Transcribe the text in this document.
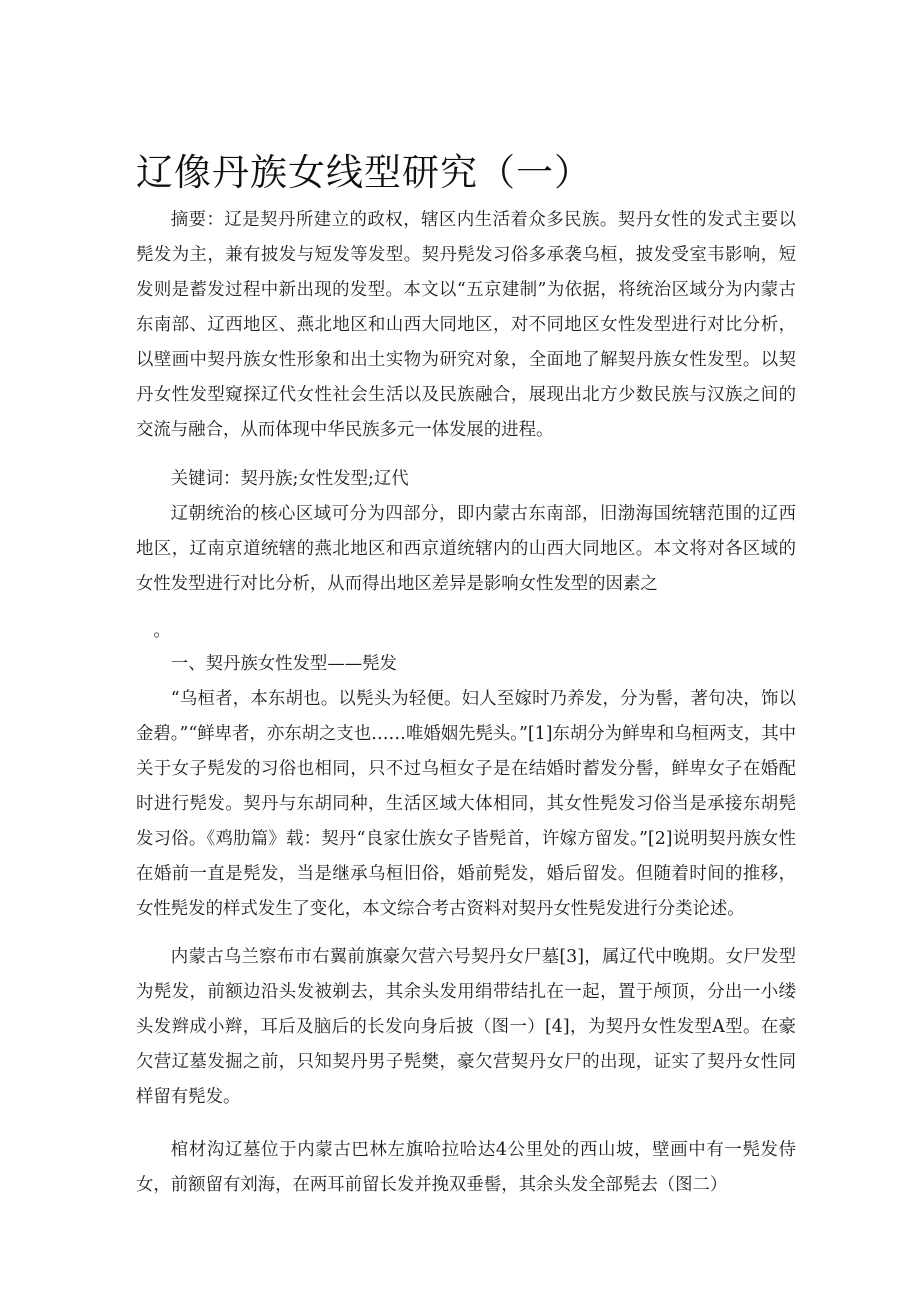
辽像丹族女线型研究（一）

摘要：辽是契丹所建立的政权，辖区内生活着众多民族。契丹女性的发式主要以髡发为主，兼有披发与短发等发型。契丹髡发习俗多承袭乌桓，披发受室韦影响，短发则是蓄发过程中新出现的发型。本文以“五京建制”为依据，将统治区域分为内蒙古东南部、辽西地区、燕北地区和山西大同地区，对不同地区女性发型进行对比分析，以壁画中契丹族女性形象和出土实物为研究对象，全面地了解契丹族女性发型。以契丹女性发型窥探辽代女性社会生活以及民族融合，展现出北方少数民族与汉族之间的交流与融合，从而体现中华民族多元一体发展的进程。

关键词：契丹族;女性发型;辽代

辽朝统治的核心区域可分为四部分，即内蒙古东南部，旧渤海国统辖范围的辽西地区，辽南京道统辖的燕北地区和西京道统辖内的山西大同地区。本文将对各区域的女性发型进行对比分析，从而得出地区差异是影响女性发型的因素之

。

一、契丹族女性发型——髡发

“乌桓者，本东胡也。以髡头为轻便。妇人至嫁时乃养发，分为髻，著句决，饰以金碧。”“鲜卑者，亦东胡之支也……唯婚姻先髡头。”[1]东胡分为鲜卑和乌桓两支，其中关于女子髡发的习俗也相同，只不过乌桓女子是在结婚时蓄发分髻，鲜卑女子在婚配时进行髡发。契丹与东胡同种，生活区域大体相同，其女性髡发习俗当是承接东胡髡发习俗。《鸡肋篇》载：契丹“良家仕族女子皆髡首，许嫁方留发。”[2]说明契丹族女性在婚前一直是髡发，当是继承乌桓旧俗，婚前髡发，婚后留发。但随着时间的推移，女性髡发的样式发生了变化，本文综合考古资料对契丹女性髡发进行分类论述。

内蒙古乌兰察布市右翼前旗豪欠营六号契丹女尸墓[3]，属辽代中晚期。女尸发型为髡发，前额边沿头发被剃去，其余头发用绢带结扎在一起，置于颅顶，分出一小缕头发辫成小辫，耳后及脑后的长发向身后披（图一）[4]，为契丹女性发型A型。在豪欠营辽墓发掘之前，只知契丹男子髡樊，豪欠营契丹女尸的出现，证实了契丹女性同样留有髡发。

棺材沟辽墓位于内蒙古巴林左旗哈拉哈达4公里处的西山坡，壁画中有一髡发侍女，前额留有刘海，在两耳前留长发并挽双垂髻，其余头发全部髡去（图二）
